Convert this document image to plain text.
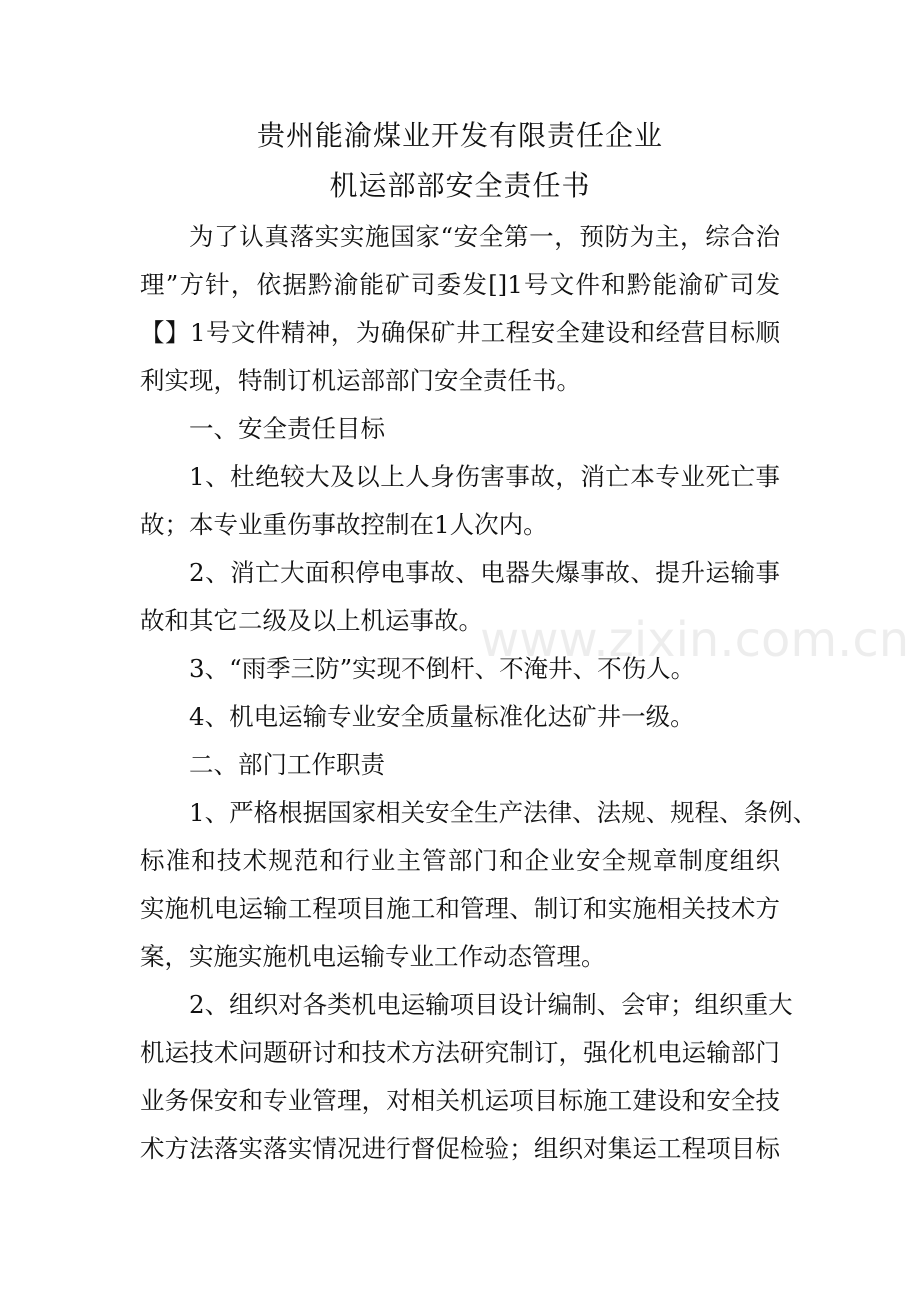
贵州能渝煤业开发有限责任企业
机运部部安全责任书
为了认真落实实施国家“安全第一，预防为主，综合治
理”方针，依据黔渝能矿司委发[]1号文件和黔能渝矿司发
【】1号文件精神，为确保矿井工程安全建设和经营目标顺
利实现，特制订机运部部门安全责任书。
一、安全责任目标
1、杜绝较大及以上人身伤害事故，消亡本专业死亡事
故；本专业重伤事故控制在1人次内。
2、消亡大面积停电事故、电器失爆事故、提升运输事
故和其它二级及以上机运事故。
3、“雨季三防”实现不倒杆、不淹井、不伤人。
4、机电运输专业安全质量标准化达矿井一级。
二、部门工作职责
1、严格根据国家相关安全生产法律、法规、规程、条例、
标准和技术规范和行业主管部门和企业安全规章制度组织
实施机电运输工程项目施工和管理、制订和实施相关技术方
案，实施实施机电运输专业工作动态管理。
2、组织对各类机电运输项目设计编制、会审；组织重大
机运技术问题研讨和技术方法研究制订，强化机电运输部门
业务保安和专业管理，对相关机运项目标施工建设和安全技
术方法落实落实情况进行督促检验；组织对集运工程项目标
www.zixin.com.cn
